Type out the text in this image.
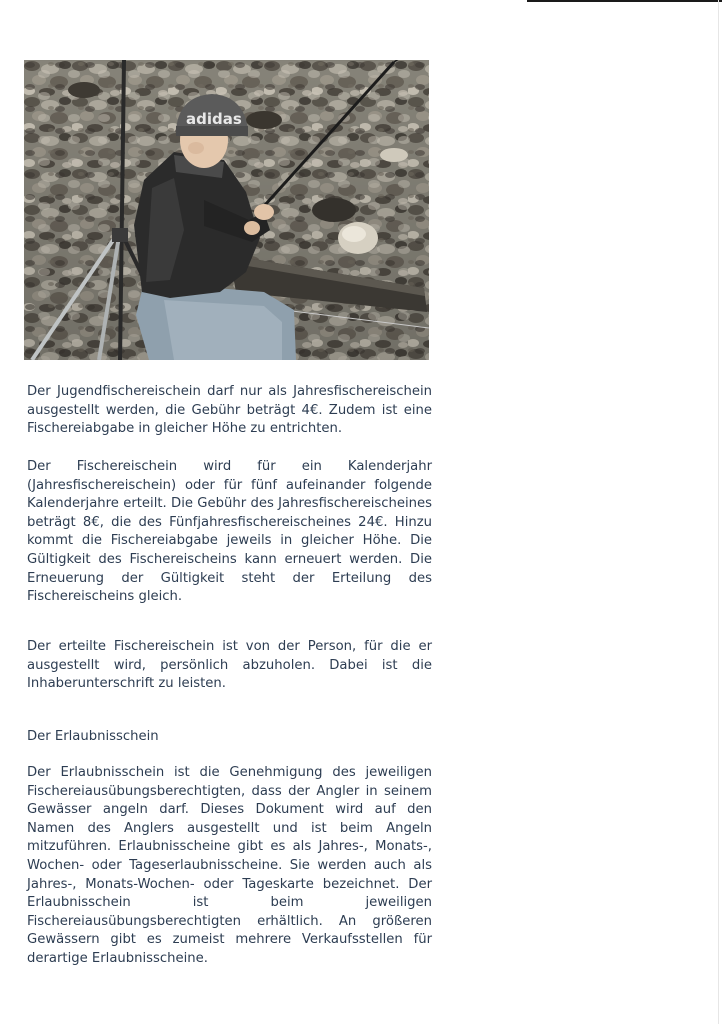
adidas

Der Jugendfischereischein darf nur als Jahresfischereischein ausgestellt werden, die Gebühr beträgt 4€. Zudem ist eine Fischereiabgabe in gleicher Höhe zu entrichten.

Der Fischereischein wird für ein Kalenderjahr (Jahresfischereischein) oder für fünf aufeinander folgende Kalenderjahre erteilt. Die Gebühr des Jahresfischereischeines beträgt 8€, die des Fünfjahresfischereischeines 24€. Hinzu kommt die Fischereiabgabe jeweils in gleicher Höhe. Die Gültigkeit des Fischereischeins kann erneuert werden. Die Erneuerung der Gültigkeit steht der Erteilung des Fischereischeins gleich.

Der erteilte Fischereischein ist von der Person, für die er ausgestellt wird, persönlich abzuholen. Dabei ist die Inhaberunterschrift zu leisten.

Der Erlaubnisschein

Der Erlaubnisschein ist die Genehmigung des jeweiligen Fischereiausübungsberechtigten, dass der Angler in seinem Gewässer angeln darf. Dieses Dokument wird auf den Namen des Anglers ausgestellt und ist beim Angeln mitzuführen. Erlaubnisscheine gibt es als Jahres-, Monats-, Wochen- oder Tageserlaubnisscheine. Sie werden auch als Jahres-, Monats-Wochen- oder Tageskarte bezeichnet. Der Erlaubnisschein ist beim jeweiligen Fischereiausübungsberechtigten erhältlich. An größeren Gewässern gibt es zumeist mehrere Verkaufsstellen für derartige Erlaubnisscheine.
